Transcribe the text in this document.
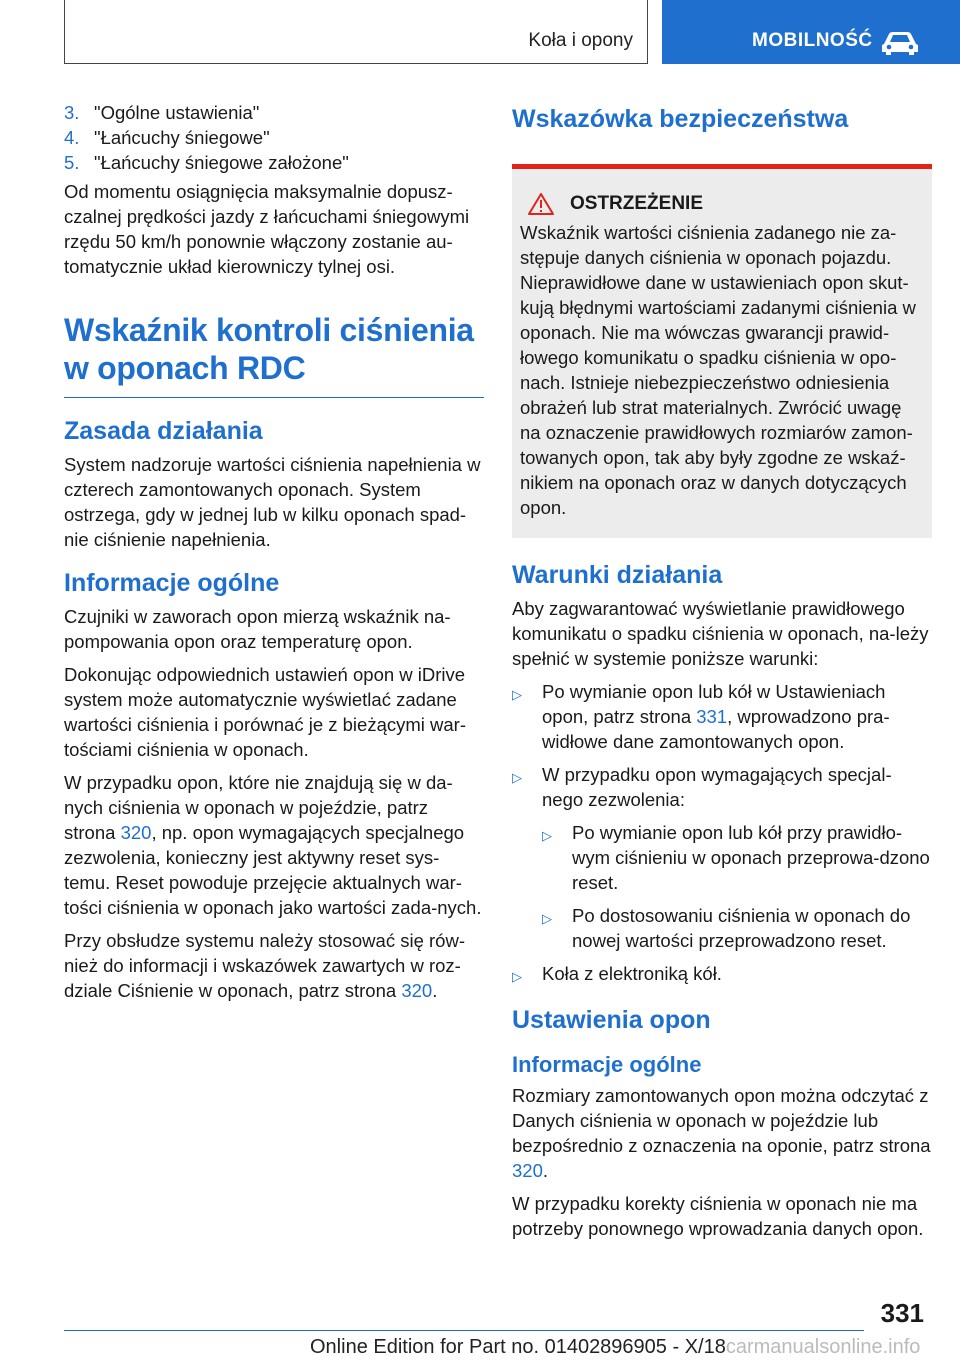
Koła i opony	MOBILNOŚĆ
3. "Ogólne ustawienia"
4. "Łańcuchy śniegowe"
5. "Łańcuchy śniegowe założone"

Od momentu osiągnięcia maksymalnie dopusz‐czalnej prędkości jazdy z łańcuchami śniegowymi rzędu 50 km/h ponownie włączony zostanie au‐tomatycznie układ kierowniczy tylnej osi.

Wskaźnik kontroli ciśnienia w oponach RDC
Zasada działania

System nadzoruje wartości ciśnienia napełnienia w czterech zamontowanych oponach. System ostrzega, gdy w jednej lub w kilku oponach spad‐nie ciśnienie napełnienia.

Informacje ogólne

Czujniki w zaworach opon mierzą wskaźnik na‐pompowania opon oraz temperaturę opon.

Dokonując odpowiednich ustawień opon w iDrive system może automatycznie wyświetlać zadane wartości ciśnienia i porównać je z bieżącymi war‐tościami ciśnienia w oponach.

W przypadku opon, które nie znajdują się w da‐nych ciśnienia w oponach w pojeździe, patrz strona 320, np. opon wymagających specjalnego zezwolenia, konieczny jest aktywny reset sys‐temu. Reset powoduje przejęcie aktualnych war‐tości ciśnienia w oponach jako wartości zada‐nych.

Przy obsłudze systemu należy stosować się rów‐nież do informacji i wskazówek zawartych w roz‐dziale Ciśnienie w oponach, patrz strona 320.

Wskazówka bezpieczeństwa
OSTRZEŻENIE

Wskaźnik wartości ciśnienia zadanego nie za‐stępuje danych ciśnienia w oponach pojazdu. Nieprawidłowe dane w ustawieniach opon skut‐kują błędnymi wartościami zadanymi ciśnienia w oponach. Nie ma wówczas gwarancji prawid‐łowego komunikatu o spadku ciśnienia w opo‐nach. Istnieje niebezpieczeństwo odniesienia obrażeń lub strat materialnych. Zwrócić uwagę na oznaczenie prawidłowych rozmiarów zamon‐towanych opon, tak aby były zgodne ze wskaź‐nikiem na oponach oraz w danych dotyczących opon.

Warunki działania

Aby zagwarantować wyświetlanie prawidłowego komunikatu o spadku ciśnienia w oponach, na‐leży spełnić w systemie poniższe warunki:

▷	Po wymianie opon lub kół w Ustawieniach opon, patrz strona 331, wprowadzono pra‐widłowe dane zamontowanych opon.
▷	W przypadku opon wymagających specjal‐nego zezwolenia:
▷	Po wymianie opon lub kół przy prawidło‐wym ciśnieniu w oponach przeprowa‐dzono reset.
▷	Po dostosowaniu ciśnienia w oponach do nowej wartości przeprowadzono reset.
▷	Koła z elektroniką kół.
Ustawienia opon
Informacje ogólne

Rozmiary zamontowanych opon można odczytać z Danych ciśnienia w oponach w pojeździe lub bezpośrednio z oznaczenia na oponie, patrz strona 320.

W przypadku korekty ciśnienia w oponach nie ma potrzeby ponownego wprowadzania danych opon.

331
Online Edition for Part no. 01402896905 - X/18carmanualsonline.info
